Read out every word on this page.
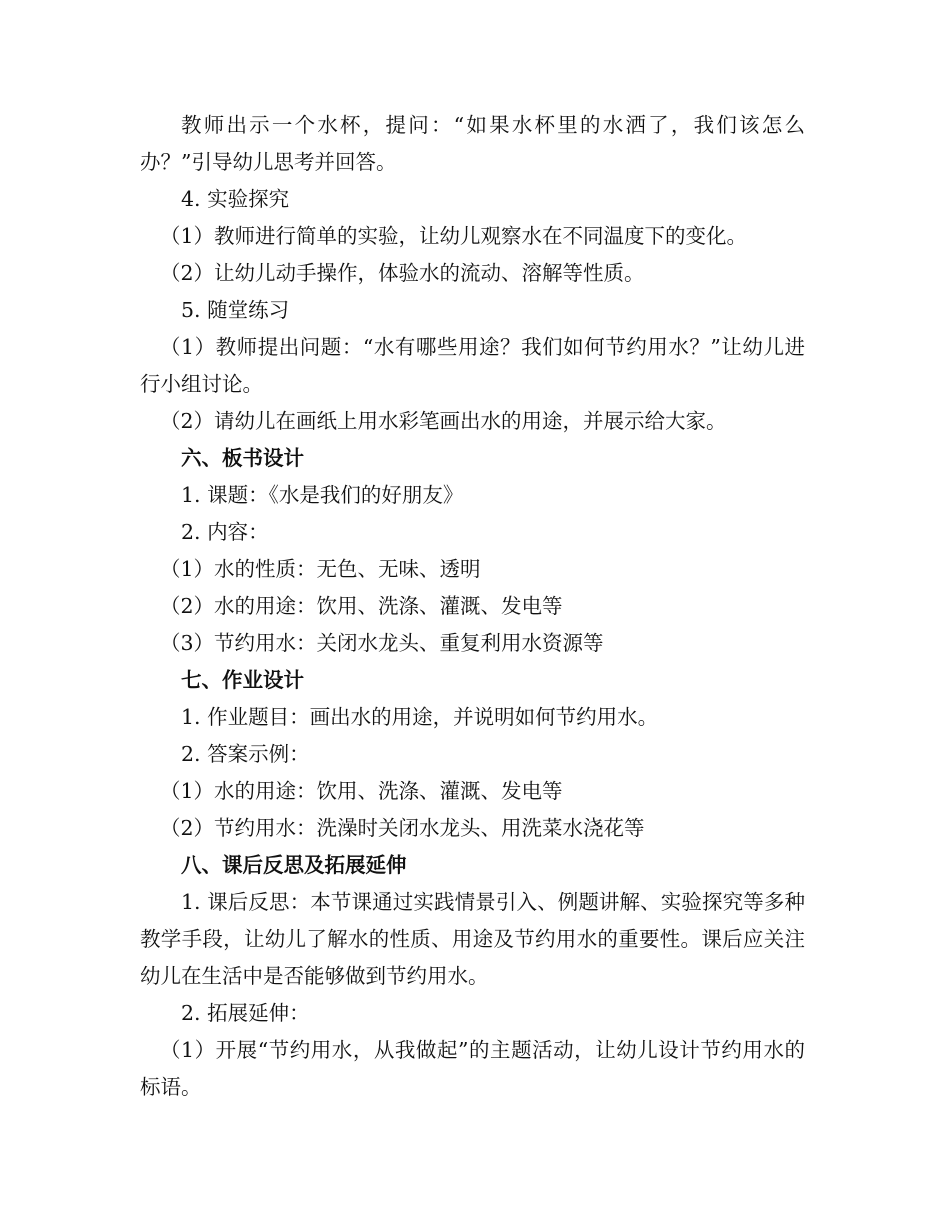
教师出示一个水杯，提问：“如果水杯里的水洒了，我们该怎么办？”引导幼儿思考并回答。

4. 实验探究

（1）教师进行简单的实验，让幼儿观察水在不同温度下的变化。

（2）让幼儿动手操作，体验水的流动、溶解等性质。

5. 随堂练习

（1）教师提出问题：“水有哪些用途？我们如何节约用水？”让幼儿进行小组讨论。

（2）请幼儿在画纸上用水彩笔画出水的用途，并展示给大家。

六、板书设计

1. 课题：《水是我们的好朋友》

2. 内容：

（1）水的性质：无色、无味、透明

（2）水的用途：饮用、洗涤、灌溉、发电等

（3）节约用水：关闭水龙头、重复利用水资源等

七、作业设计

1. 作业题目：画出水的用途，并说明如何节约用水。

2. 答案示例：

（1）水的用途：饮用、洗涤、灌溉、发电等

（2）节约用水：洗澡时关闭水龙头、用洗菜水浇花等

八、课后反思及拓展延伸

1. 课后反思：本节课通过实践情景引入、例题讲解、实验探究等多种教学手段，让幼儿了解水的性质、用途及节约用水的重要性。课后应关注幼儿在生活中是否能够做到节约用水。

2. 拓展延伸：

（1）开展“节约用水，从我做起”的主题活动，让幼儿设计节约用水的标语。
